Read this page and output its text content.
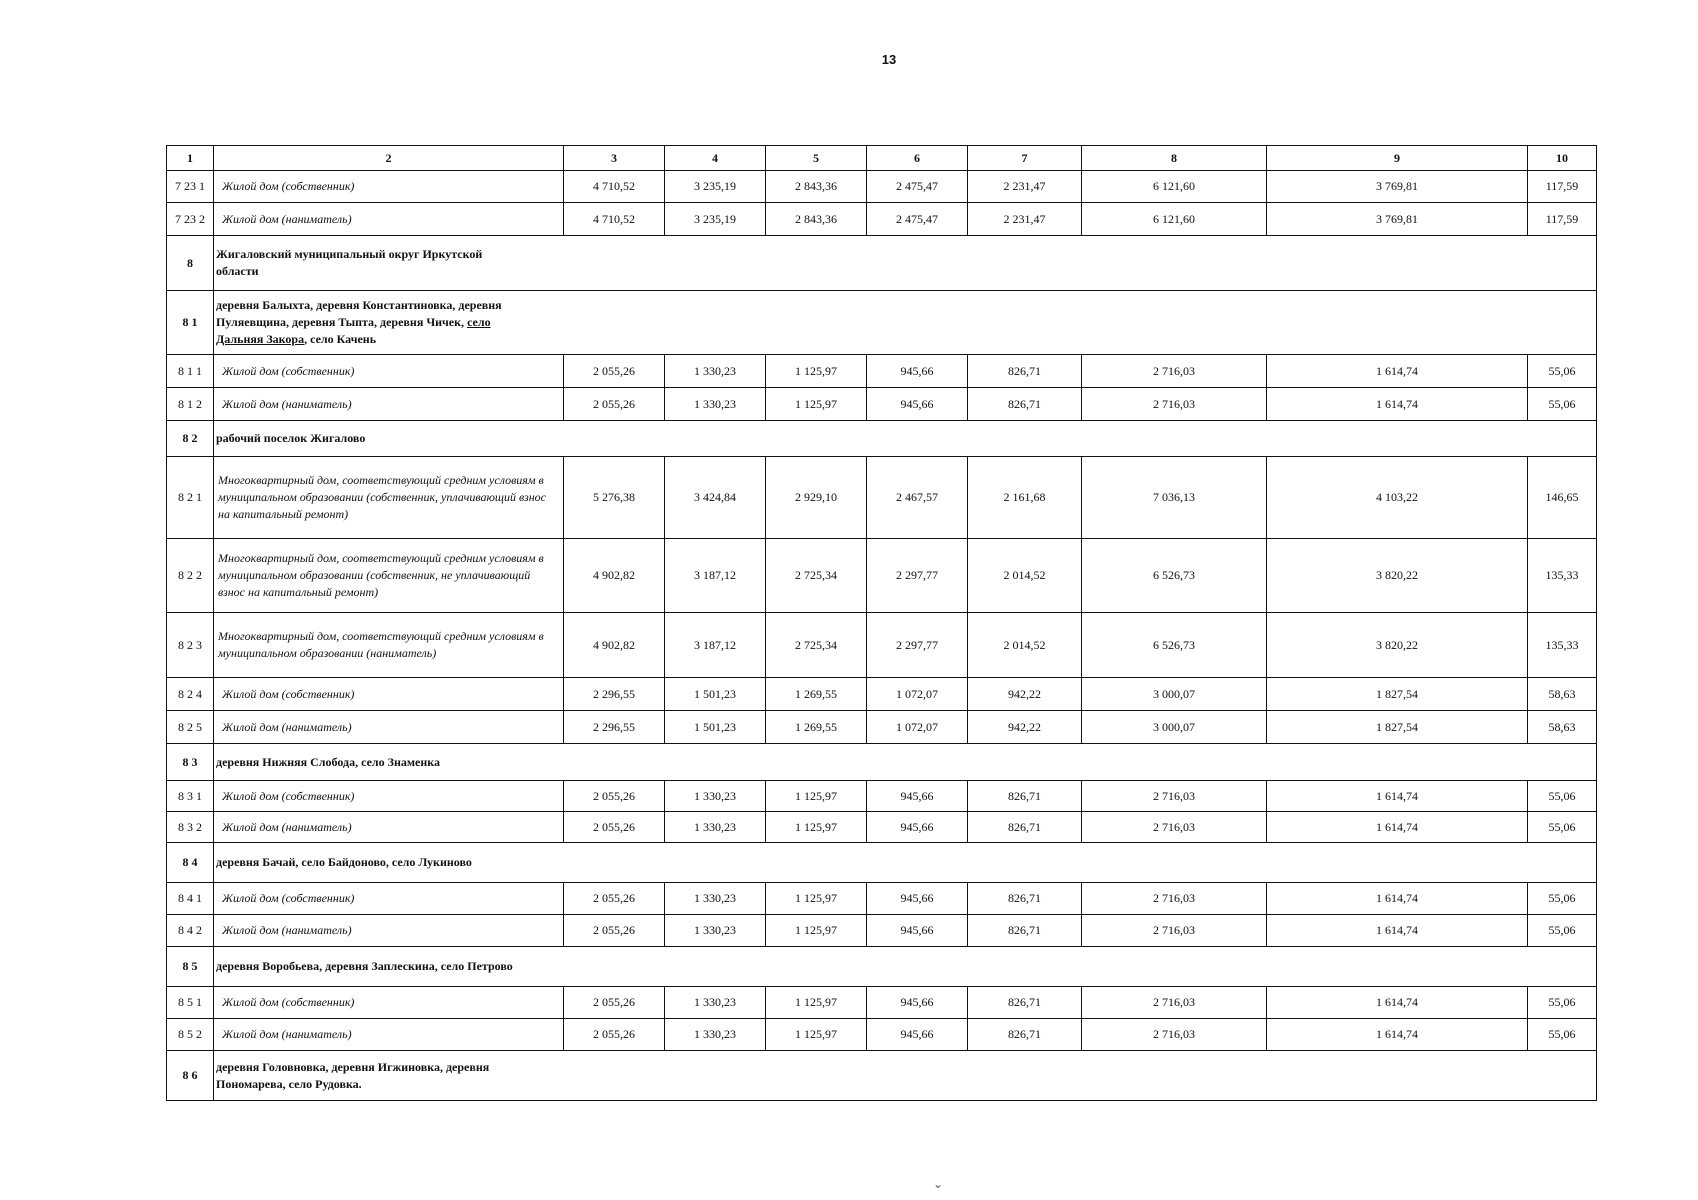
13
1	2	3	4	5	6	7	8	9	10
7 23 1	Жилой дом (собственник)	4 710,52	3 235,19	2 843,36	2 475,47	2 231,47	6 121,60	3 769,81	117,59
7 23 2	Жилой дом (наниматель)	4 710,52	3 235,19	2 843,36	2 475,47	2 231,47	6 121,60	3 769,81	117,59
8	Жигаловский муниципальный округ Иркутской области								

8 1	деревня Балыхта, деревня Константиновка, деревня Пуляевщина, деревня Тыпта, деревня Чичек, село Дальняя Закора, село Качень								

8 1 1	Жилой дом (собственник)	2 055,26	1 330,23	1 125,97	945,66	826,71	2 716,03	1 614,74	55,06
8 1 2	Жилой дом (наниматель)	2 055,26	1 330,23	1 125,97	945,66	826,71	2 716,03	1 614,74	55,06
8 2	рабочий поселок Жигалово								

8 2 1	Многоквартирный дом, соответствующий средним условиям в муниципальном образовании (собственник, уплачивающий взнос на капитальный ремонт)	5 276,38	3 424,84	2 929,10	2 467,57	2 161,68	7 036,13	4 103,22	146,65
8 2 2	Многоквартирный дом, соответствующий средним условиям в муниципальном образовании (собственник, не уплачивающий взнос на капитальный ремонт)	4 902,82	3 187,12	2 725,34	2 297,77	2 014,52	6 526,73	3 820,22	135,33
8 2 3	Многоквартирный дом, соответствующий средним условиям в муниципальном образовании (наниматель)	4 902,82	3 187,12	2 725,34	2 297,77	2 014,52	6 526,73	3 820,22	135,33
8 2 4	Жилой дом (собственник)	2 296,55	1 501,23	1 269,55	1 072,07	942,22	3 000,07	1 827,54	58,63
8 2 5	Жилой дом (наниматель)	2 296,55	1 501,23	1 269,55	1 072,07	942,22	3 000,07	1 827,54	58,63
8 3	деревня Нижняя Слобода, село Знаменка								

8 3 1	Жилой дом (собственник)	2 055,26	1 330,23	1 125,97	945,66	826,71	2 716,03	1 614,74	55,06
8 3 2	Жилой дом (наниматель)	2 055,26	1 330,23	1 125,97	945,66	826,71	2 716,03	1 614,74	55,06
8 4	деревня Бачай, село Байдоново, село Лукиново								

8 4 1	Жилой дом (собственник)	2 055,26	1 330,23	1 125,97	945,66	826,71	2 716,03	1 614,74	55,06
8 4 2	Жилой дом (наниматель)	2 055,26	1 330,23	1 125,97	945,66	826,71	2 716,03	1 614,74	55,06
8 5	деревня Воробьева, деревня Заплескина, село Петрово								

8 5 1	Жилой дом (собственник)	2 055,26	1 330,23	1 125,97	945,66	826,71	2 716,03	1 614,74	55,06
8 5 2	Жилой дом (наниматель)	2 055,26	1 330,23	1 125,97	945,66	826,71	2 716,03	1 614,74	55,06
8 6	деревня Головновка, деревня Игжиновка, деревня Пономарева, село Рудовка.								
⌄
